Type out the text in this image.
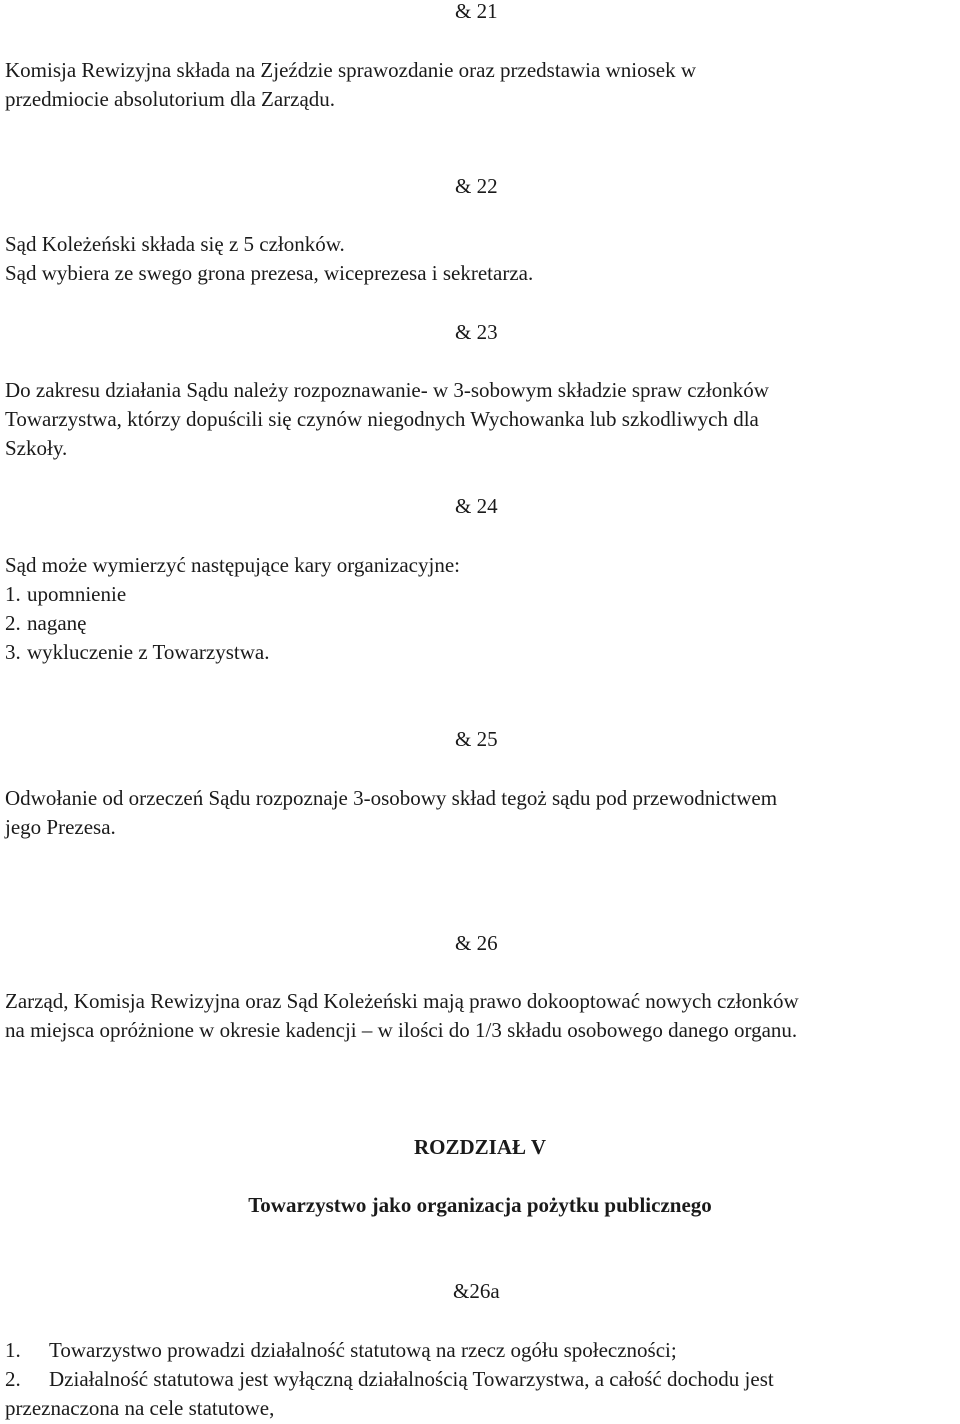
& 21
Komisja Rewizyjna składa na Zjeździe sprawozdanie oraz przedstawia wniosek w
przedmiocie absolutorium dla Zarządu.
& 22
Sąd Koleżeński składa się z 5 członków.
Sąd wybiera ze swego grona prezesa, wiceprezesa i sekretarza.
& 23
Do zakresu działania Sądu należy rozpoznawanie- w 3-sobowym składzie spraw członków
Towarzystwa, którzy dopuścili się czynów niegodnych Wychowanka lub szkodliwych dla
Szkoły.
& 24
Sąd może wymierzyć następujące kary organizacyjne:
1. upomnienie
2. naganę
3. wykluczenie z Towarzystwa.
& 25
Odwołanie od orzeczeń Sądu rozpoznaje 3-osobowy skład tegoż sądu pod przewodnictwem
jego Prezesa.
& 26
Zarząd, Komisja Rewizyjna oraz Sąd Koleżeński mają prawo dokooptować nowych członków
na miejsca opróżnione w okresie kadencji – w ilości do 1/3 składu osobowego danego organu.
ROZDZIAŁ V
Towarzystwo jako organizacja pożytku publicznego
&26a
1.	Towarzystwo prowadzi działalność statutową na rzecz ogółu społeczności;
2.	Działalność statutowa jest wyłączną działalnością Towarzystwa, a całość dochodu jest
przeznaczona na cele statutowe,
